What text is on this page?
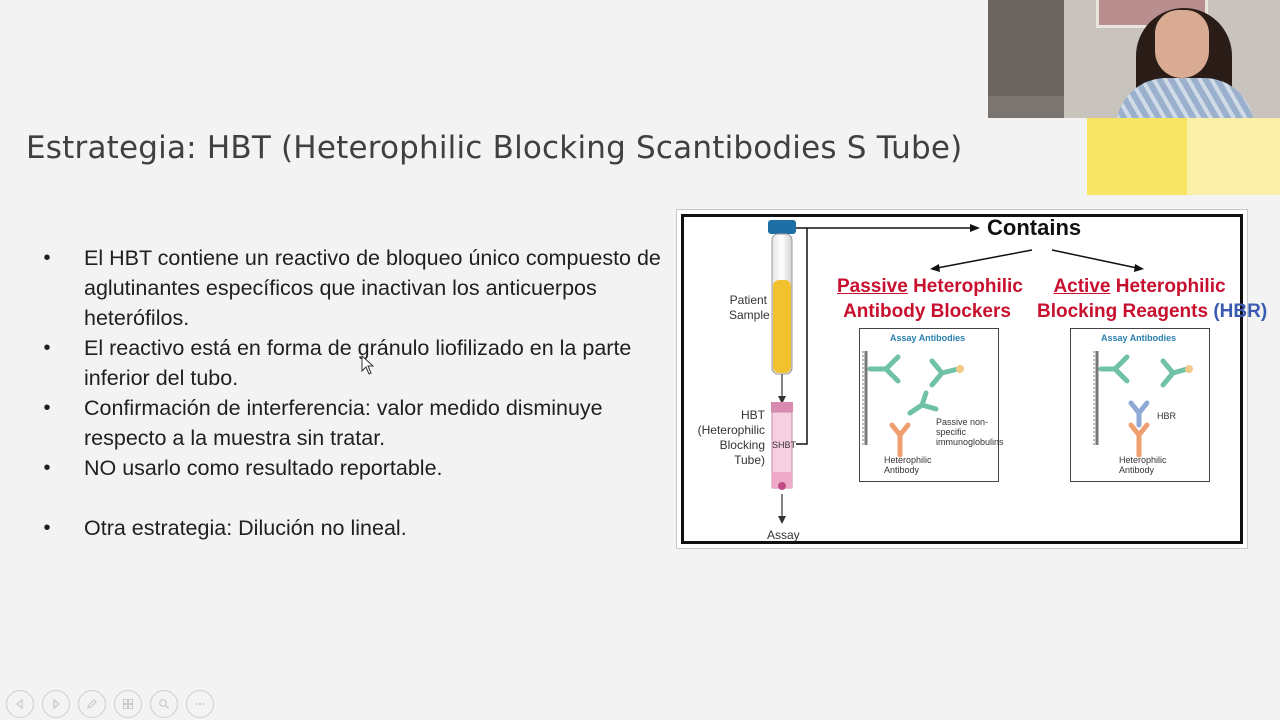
Estrategia: HBT (Heterophilic Blocking Scantibodies S Tube)
• El HBT contiene un reactivo de bloqueo único compuesto de aglutinantes específicos que inactivan los anticuerpos heterófilos.
• El reactivo está en forma de gránulo liofilizado en la parte inferior del tubo.
• Confirmación de interferencia: valor medido disminuye respecto a la muestra sin tratar.
• NO usarlo como resultado reportable.
• Otra estrategia: Dilución no lineal.
Contains
Patient
Sample
HBT
(Heterophilic
Blocking
Tube)
SHBT
Assay
Passive Heterophilic
Antibody Blockers
Active Heterophilic
Blocking Reagents (HBR)
Assay Antibodies
Passive non-
specific
immunoglobulins
Heterophilic
Antibody
Assay Antibodies
HBR
Heterophilic
Antibody
